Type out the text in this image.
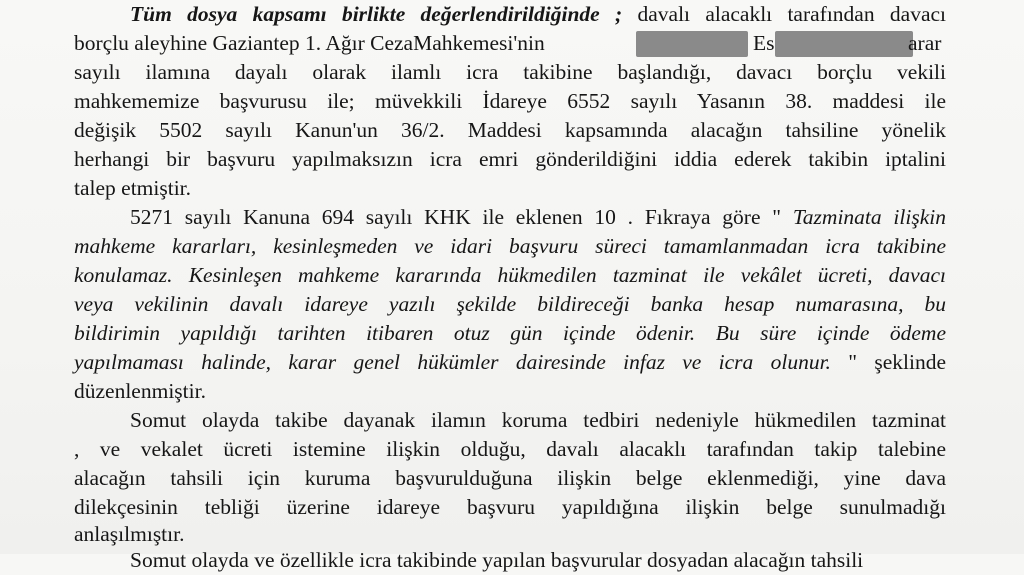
Tüm dosya kapsamı birlikte değerlendirildiğinde ; davalı alacaklı tarafından davacı
borçlu aleyhine Gaziantep 1. Ağır CezaMahkemesi'nin	Es	arar
sayılı ilamına dayalı olarak ilamlı icra takibine başlandığı, davacı borçlu vekili
mahkememize başvurusu ile; müvekkili İdareye 6552 sayılı Yasanın 38. maddesi ile
değişik 5502 sayılı Kanun'un 36/2. Maddesi kapsamında alacağın tahsiline yönelik
herhangi bir başvuru yapılmaksızın icra emri gönderildiğini iddia ederek takibin iptalini
talep etmiştir.
5271 sayılı Kanuna 694 sayılı KHK ile eklenen 10 . Fıkraya göre " Tazminata ilişkin
mahkeme kararları, kesinleşmeden ve idari başvuru süreci tamamlanmadan icra takibine
konulamaz. Kesinleşen mahkeme kararında hükmedilen tazminat ile vekâlet ücreti, davacı
veya vekilinin davalı idareye yazılı şekilde bildireceği banka hesap numarasına, bu
bildirimin yapıldığı tarihten itibaren otuz gün içinde ödenir. Bu süre içinde ödeme
yapılmaması halinde, karar genel hükümler dairesinde infaz ve icra olunur. " şeklinde
düzenlenmiştir.
Somut olayda takibe dayanak ilamın koruma tedbiri nedeniyle hükmedilen tazminat
, ve vekalet ücreti istemine ilişkin olduğu, davalı alacaklı tarafından takip talebine
alacağın tahsili için kuruma başvurulduğuna ilişkin belge eklenmediği, yine dava
dilekçesinin tebliği üzerine idareye başvuru yapıldığına ilişkin belge sunulmadığı
anlaşılmıştır.
Somut olayda ve özellikle icra takibinde yapılan başvurular dosyadan alacağın tahsili
